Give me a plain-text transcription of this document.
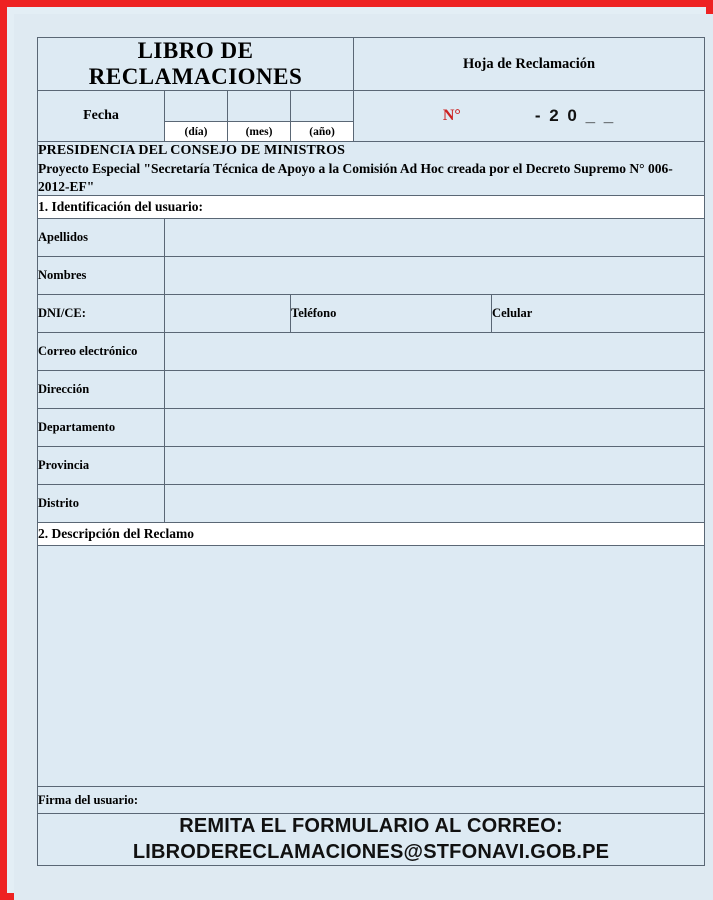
LIBRO DE RECLAMACIONES				Hoja de Reclamación	
Fecha				N° - 2 0 _ _	

	(día)	(mes)	(año)		

PRESIDENCIA DEL CONSEJO DE MINISTROS
Proyecto Especial "Secretaría Técnica de Apoyo a la Comisión Ad Hoc creada por el Decreto Supremo N° 006-2012-EF"					

1. Identificación del usuario:					
Apellidos					
Nombres					
DNI/CE:			Teléfono		Celular
Correo electrónico					
Dirección					
Departamento					
Provincia					
Distrito					
2. Descripción del Reclamo					

Firma del usuario:					

REMITA EL FORMULARIO AL CORREO:
LIBRODERECLAMACIONES@STFONAVI.GOB.PE					
